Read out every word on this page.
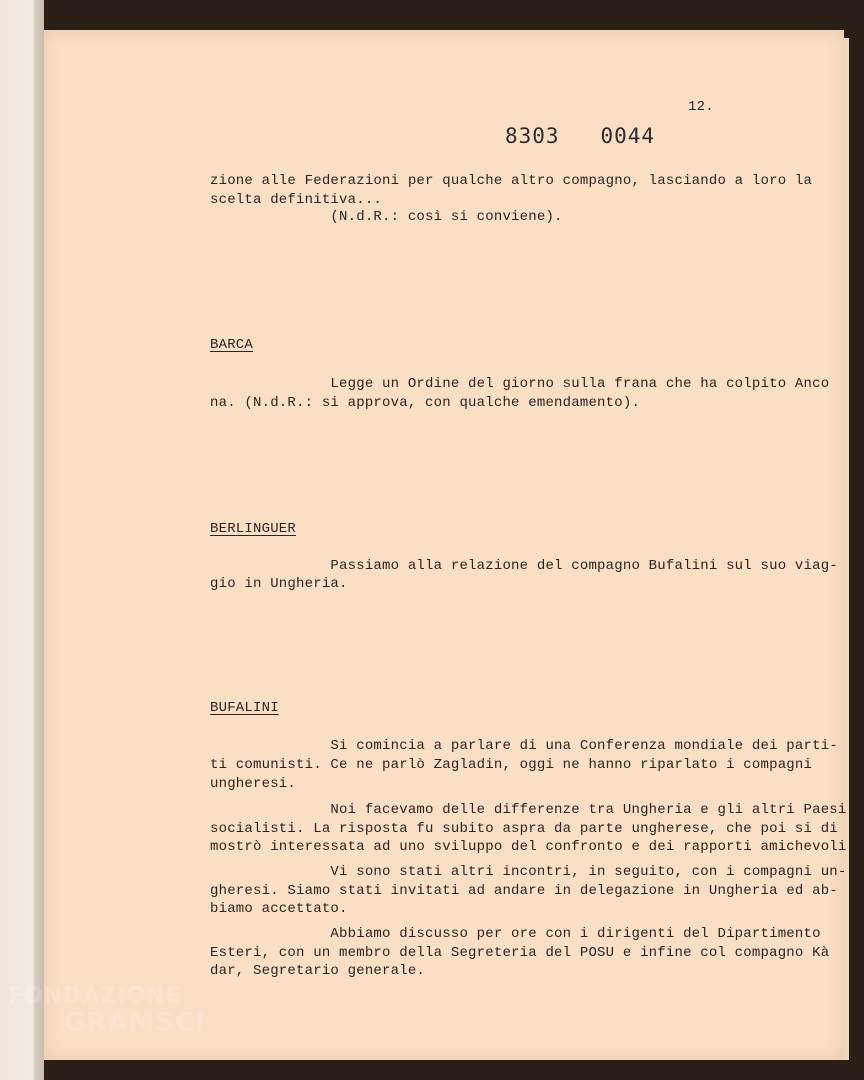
12.
8303   0044
zione alle Federazioni per qualche altro compagno, lasciando a loro la
scelta definitiva...
(N.d.R.: così si conviene).
BARCA
Legge un Ordine del giorno sulla frana che ha colpito Anco
na. (N.d.R.: si approva, con qualche emendamento).
BERLINGUER
Passiamo alla relazione del compagno Bufalini sul suo viag-
gio in Ungheria.
BUFALINI
Si comincia a parlare di una Conferenza mondiale dei parti-
ti comunisti. Ce ne parlò Zagladin, oggi ne hanno riparlato i compagni
ungheresi.
Noi facevamo delle differenze tra Ungheria e gli altri Paesi
socialisti. La risposta fu subito aspra da parte ungherese, che poi si di
mostrò interessata ad uno sviluppo del confronto e dei rapporti amichevoli.
Vi sono stati altri incontri, in seguito, con i compagni un-
gheresi. Siamo stati invitati ad andare in delegazione in Ungheria ed ab-
biamo accettato.
Abbiamo discusso per ore con i dirigenti del Dipartimento
Esteri, con un membro della Segreteria del POSU e infine col compagno Kà
dar, Segretario generale.
FONDAZIONE
GRAMSCI
